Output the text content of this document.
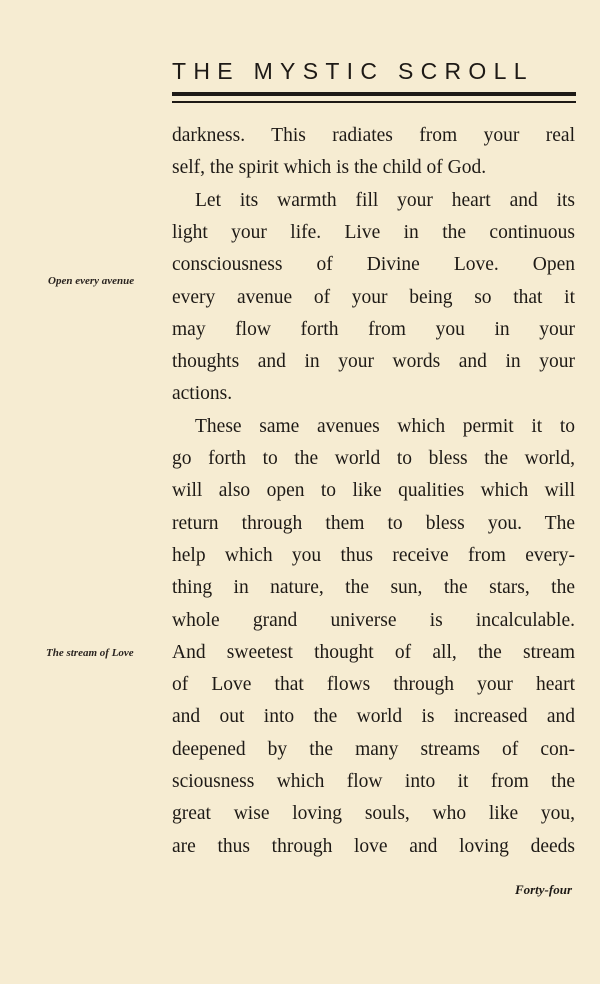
THE MYSTIC SCROLL
darkness. This radiates from your real
self, the spirit which is the child of God.
Let its warmth fill your heart and its
light your life. Live in the continuous
consciousness of Divine Love. Open
every avenue of your being so that it
may flow forth from you in your
thoughts and in your words and in your
actions.
These same avenues which permit it to
go forth to the world to bless the world,
will also open to like qualities which will
return through them to bless you. The
help which you thus receive from every-
thing in nature, the sun, the stars, the
whole grand universe is incalculable.
And sweetest thought of all, the stream
of Love that flows through your heart
and out into the world is increased and
deepened by the many streams of con-
sciousness which flow into it from the
great wise loving souls, who like you,
are thus through love and loving deeds
Open every avenue
The stream of Love
Forty-four
